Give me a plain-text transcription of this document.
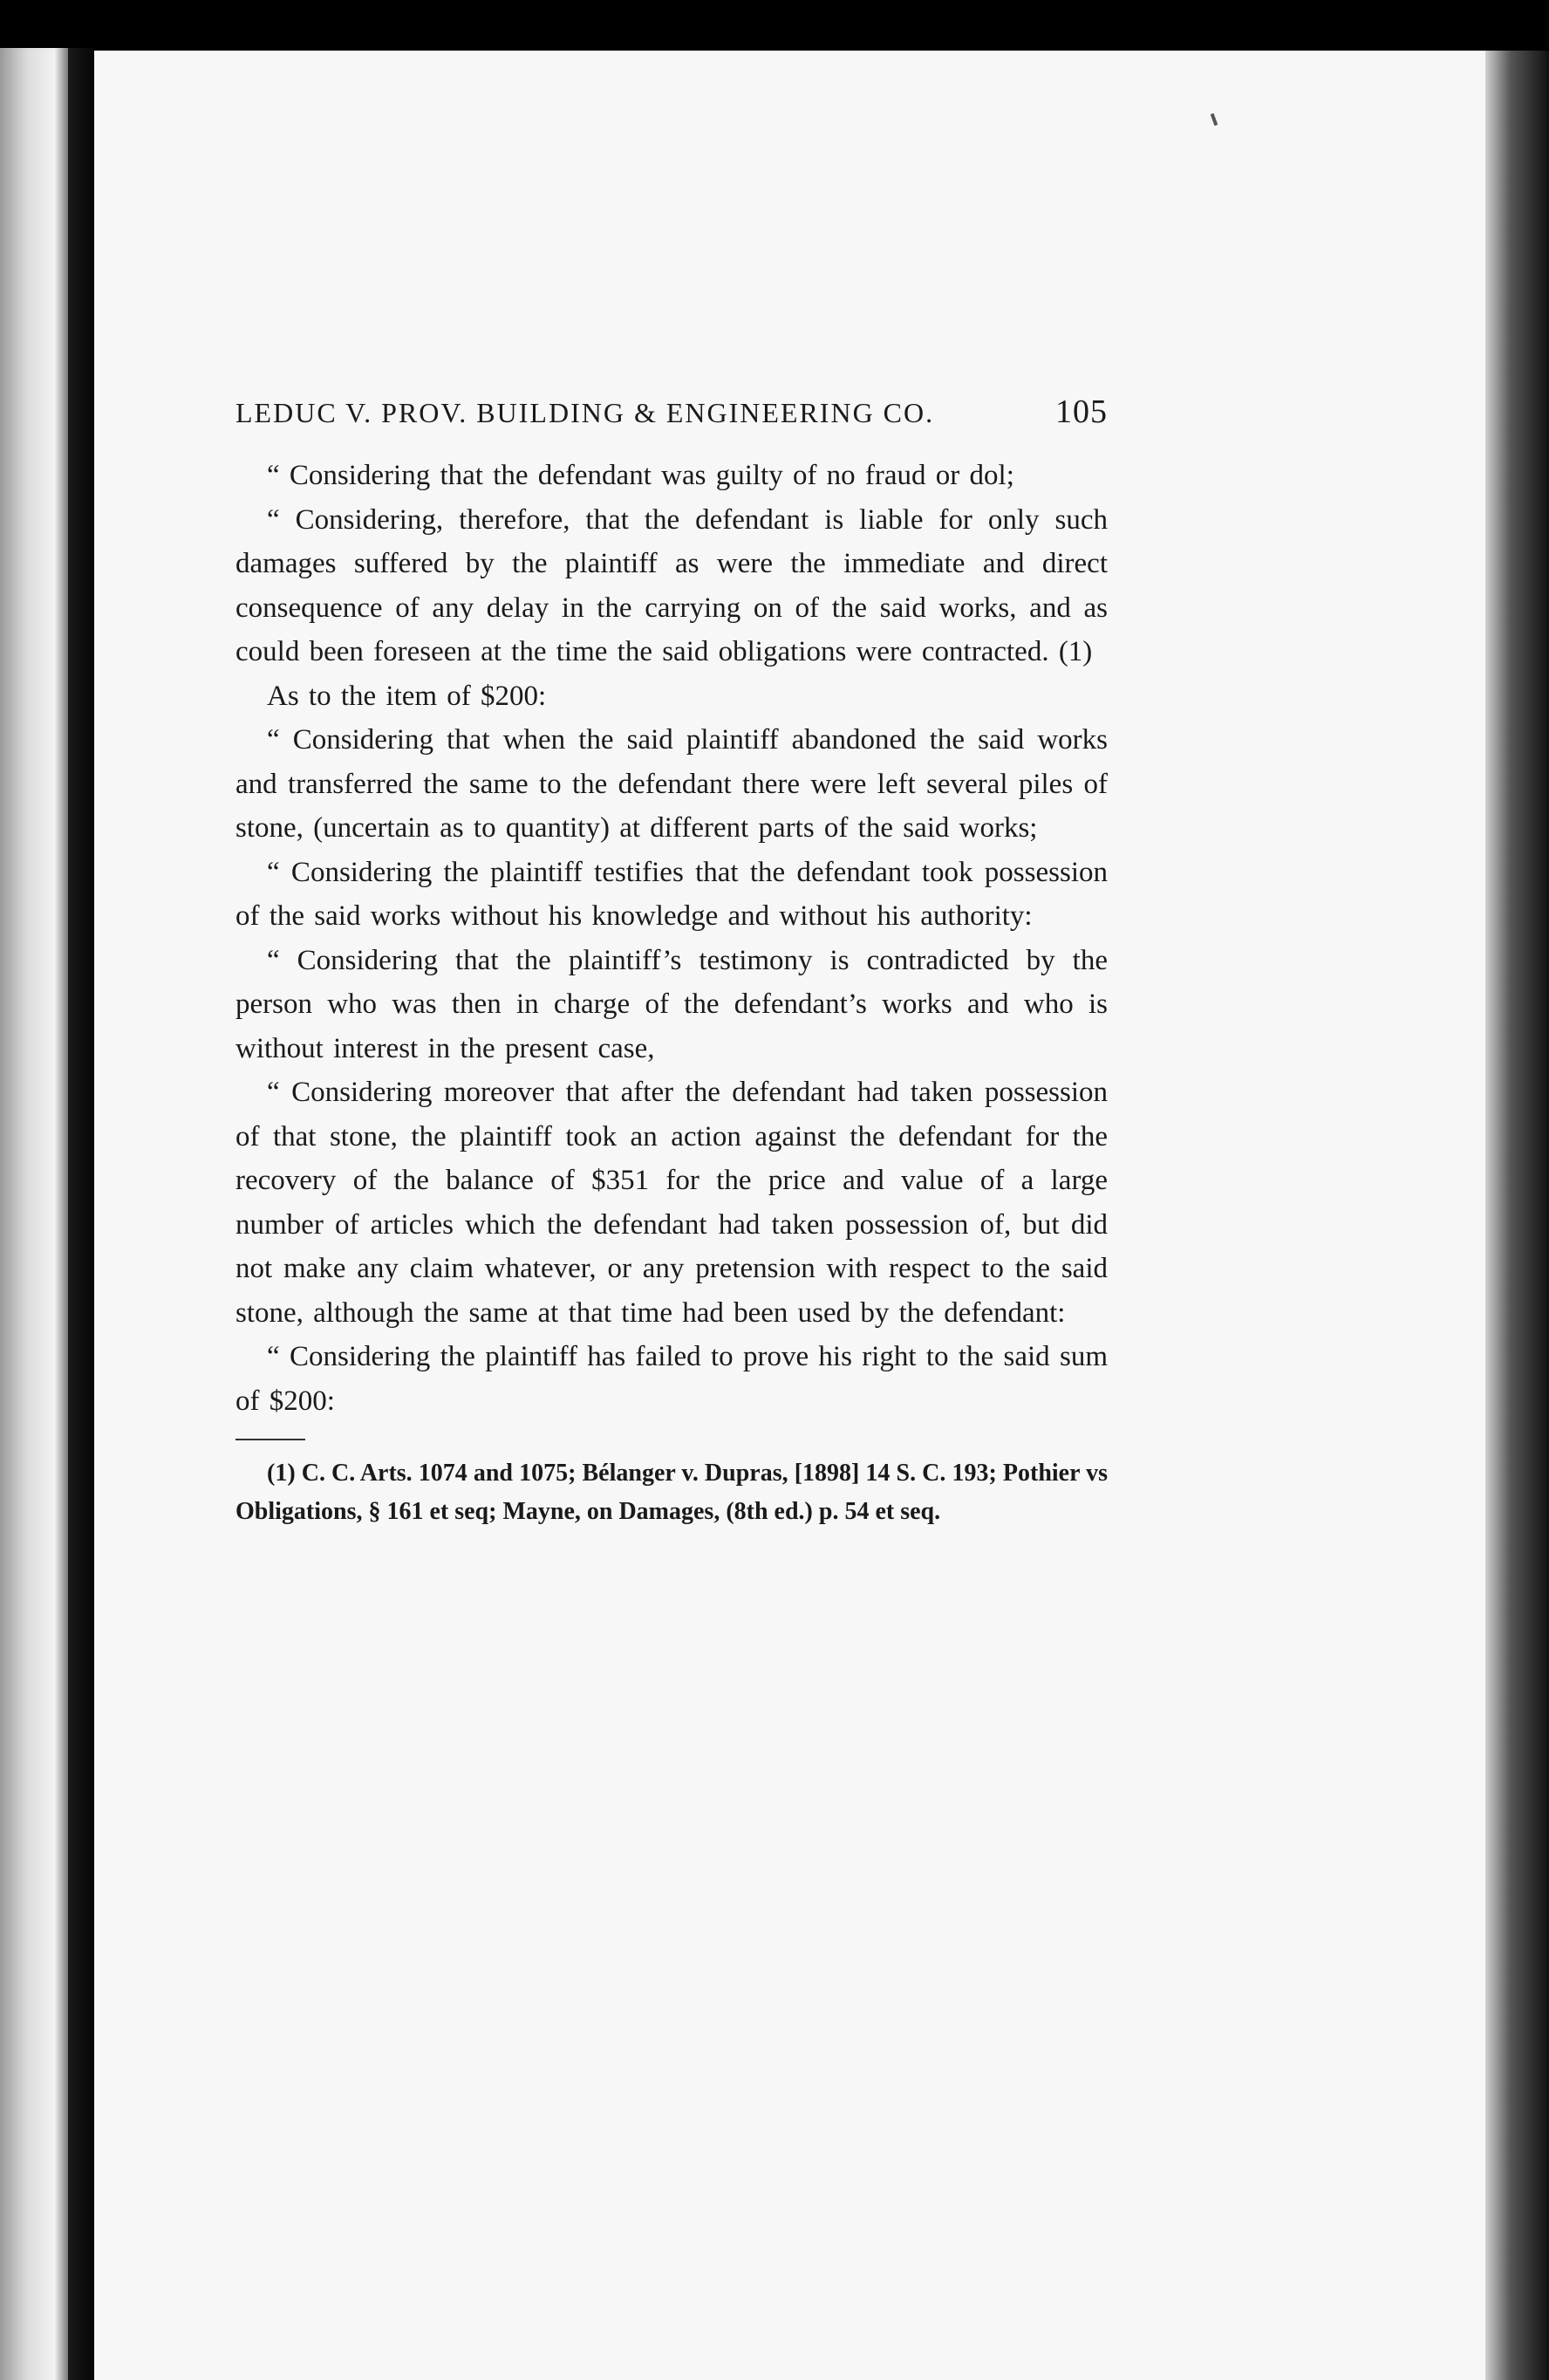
LEDUC V. PROV. BUILDING & ENGINEERING CO.	105

“ Considering that the defendant was guilty of no fraud or dol;

“ Considering, therefore, that the defendant is liable for only such damages suffered by the plaintiff as were the immediate and direct consequence of any delay in the carrying on of the said works, and as could been foreseen at the time the said obligations were contracted. (1)

As to the item of $200:

“ Considering that when the said plaintiff abandoned the said works and transferred the same to the defendant there were left several piles of stone, (uncertain as to quantity) at different parts of the said works;

“ Considering the plaintiff testifies that the defendant took possession of the said works without his knowledge and without his authority:

“ Considering that the plaintiff’s testimony is contradicted by the person who was then in charge of the defendant’s works and who is without interest in the present case,

“ Considering moreover that after the defendant had taken possession of that stone, the plaintiff took an action against the defendant for the recovery of the balance of $351 for the price and value of a large number of articles which the defendant had taken possession of, but did not make any claim whatever, or any pretension with respect to the said stone, although the same at that time had been used by the defendant:

“ Considering the plaintiff has failed to prove his right to the said sum of $200:

(1) C. C. Arts. 1074 and 1075; Bélanger v. Dupras, [1898] 14 S. C. 193; Pothier vs Obligations, § 161 et seq; Mayne, on Damages, (8th ed.) p. 54 et seq.
